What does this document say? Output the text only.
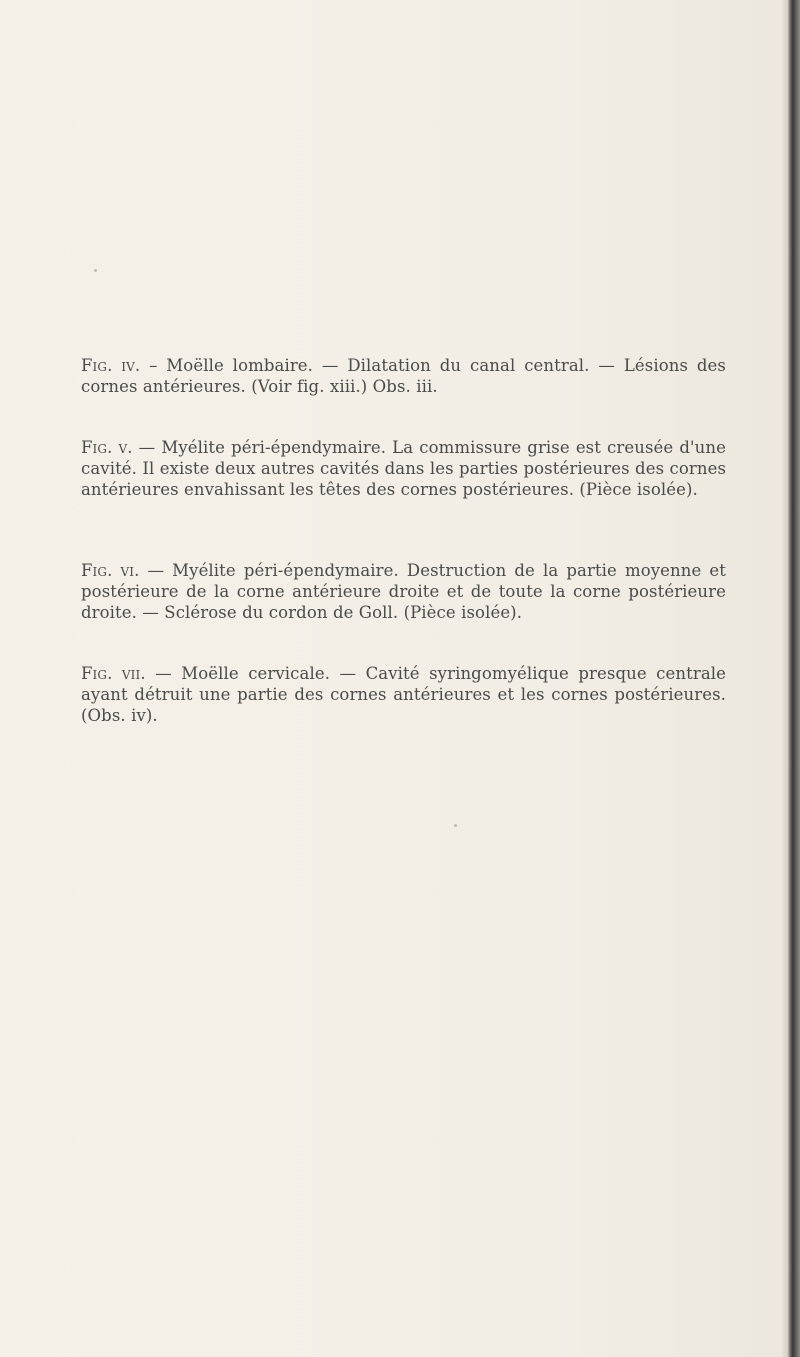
Fig. iv. – Moëlle lombaire. — Dilatation du canal central. — Lésions des cornes antérieures. (Voir fig. xiii.) Obs. iii.
Fig. v. — Myélite péri-épendymaire. La commissure grise est creusée d'une cavité. Il existe deux autres cavités dans les parties postérieures des cornes antérieures envahissant les têtes des cornes postérieures. (Pièce isolée).
Fig. vi. — Myélite péri-épendymaire. Destruction de la partie moyenne et postérieure de la corne antérieure droite et de toute la corne postérieure droite. — Sclérose du cordon de Goll. (Pièce isolée).
Fig. vii. — Moëlle cervicale. — Cavité syringomyélique presque centrale ayant détruit une partie des cornes antérieures et les cornes postérieures. (Obs. iv).
